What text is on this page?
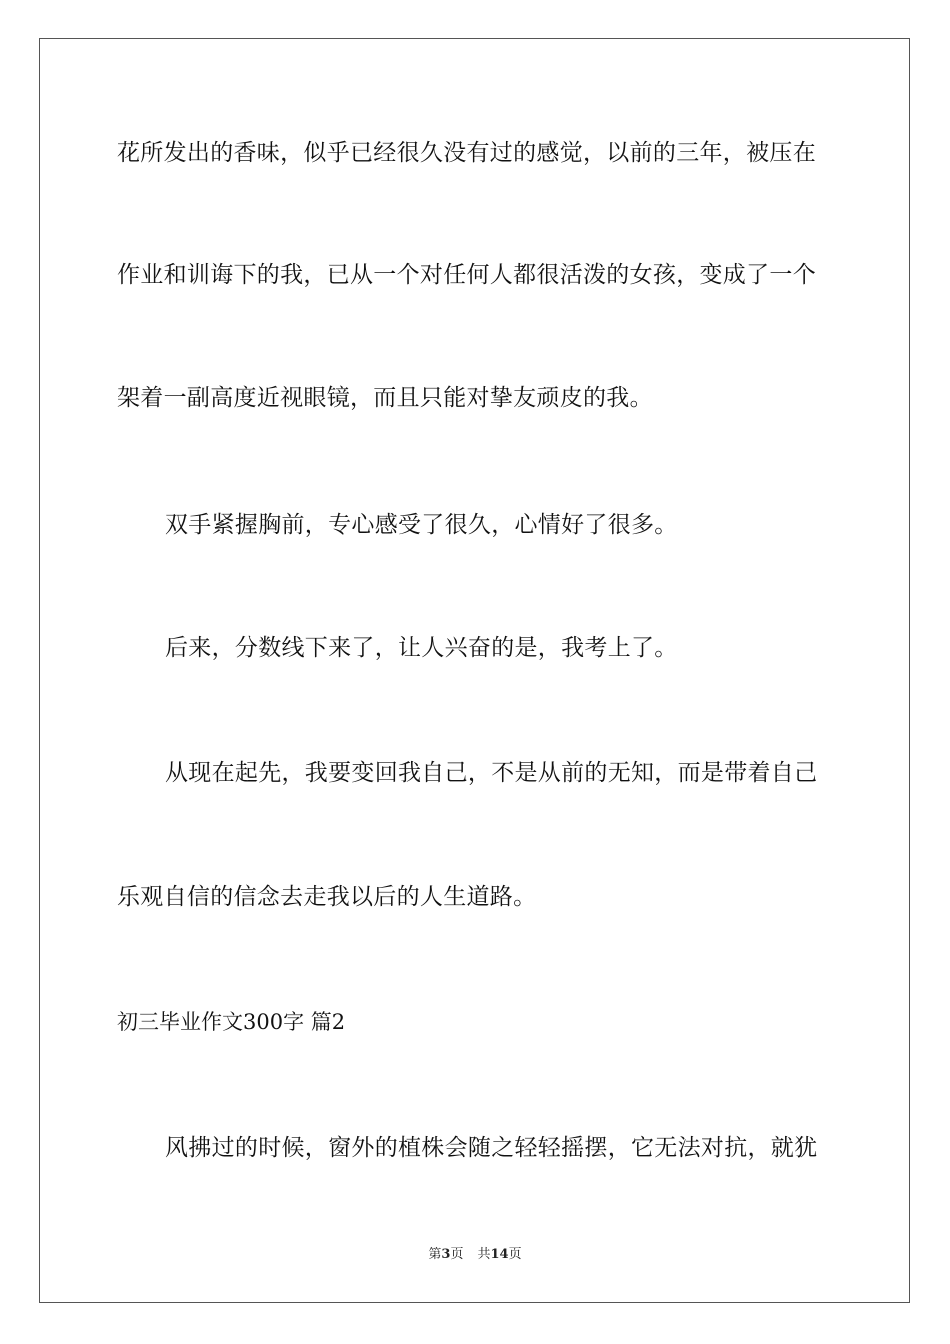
花所发出的香味，似乎已经很久没有过的感觉，以前的三年，被压在
作业和训诲下的我，已从一个对任何人都很活泼的女孩，变成了一个
架着一副高度近视眼镜，而且只能对挚友顽皮的我。
双手紧握胸前，专心感受了很久，心情好了很多。
后来，分数线下来了，让人兴奋的是，我考上了。
从现在起先，我要变回我自己，不是从前的无知，而是带着自己
乐观自信的信念去走我以后的人生道路。
初三毕业作文300字 篇2
风拂过的时候，窗外的植株会随之轻轻摇摆，它无法对抗，就犹
第3页 共14页
